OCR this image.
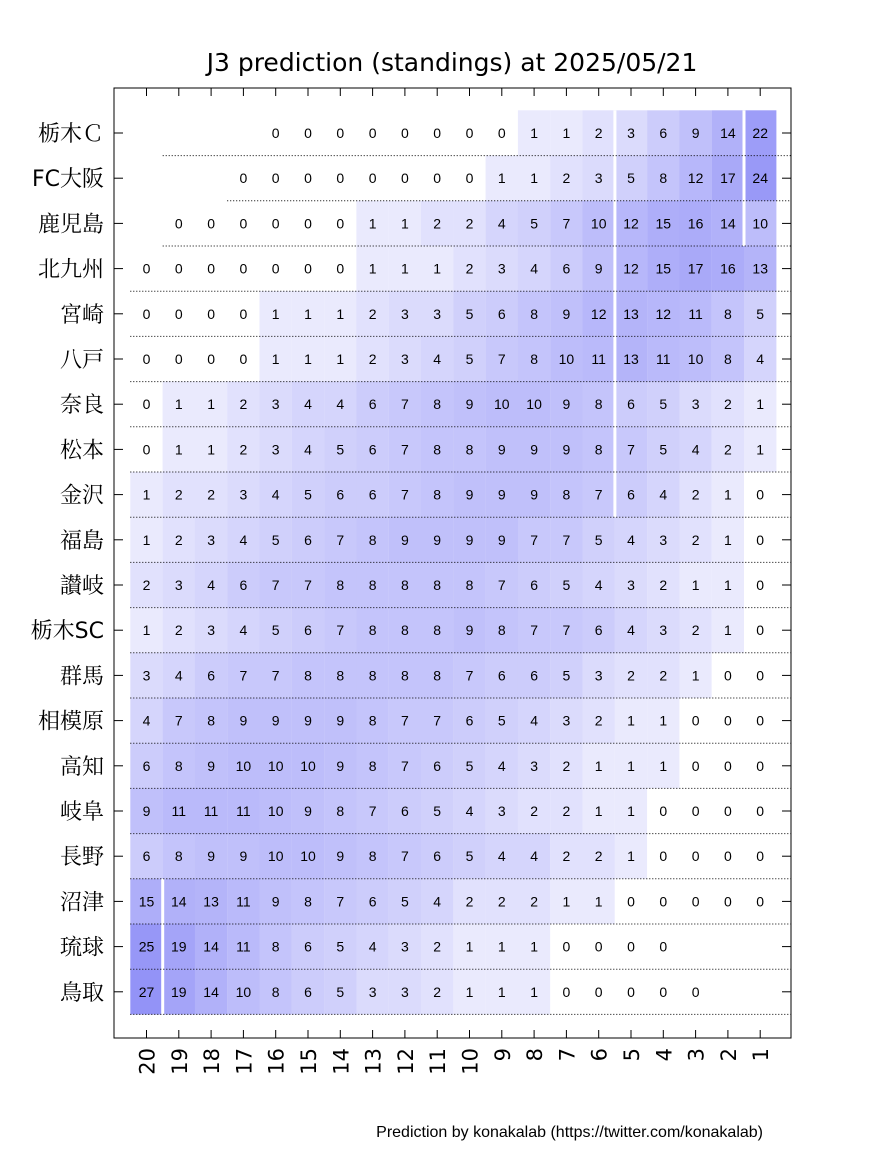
J3 prediction (standings) at 2025/05/21
栃木Ｃ
FC大阪
鹿児島
北九州
宮崎
八戸
奈良
松本
金沢
福島
讃岐
栃木SC
群馬
相模原
高知
岐阜
長野
沼津
琉球
鳥取
20 19 18 17 16 15 14 13 12 11 10 9 8 7 6 5 4 3 2 1
0 0 0 0 0 0 0 0 1 1 2 3 6 9 14 22
0 0 0 0 0 0 0 0 1 1 2 3 5 8 12 17 24
0 0 0 0 0 0 1 1 2 2 4 5 7 10 12 15 16 14 10
0 0 0 0 0 0 0 1 1 1 2 3 4 6 9 12 15 17 16 13
0 0 0 0 1 1 1 2 3 3 5 6 8 9 12 13 12 11 8 5
0 0 0 0 1 1 1 2 3 4 5 7 8 10 11 13 11 10 8 4
0 1 1 2 3 4 4 6 7 8 9 10 10 9 8 6 5 3 2 1
0 1 1 2 3 4 5 6 7 8 8 9 9 9 8 7 5 4 2 1
1 2 2 3 4 5 6 6 7 8 9 9 9 8 7 6 4 2 1 0
1 2 3 4 5 6 7 8 9 9 9 9 7 7 5 4 3 2 1 0
2 3 4 6 7 7 8 8 8 8 8 7 6 5 4 3 2 1 1 0
1 2 3 4 5 6 7 8 8 8 9 8 7 7 6 4 3 2 1 0
3 4 6 7 7 8 8 8 8 8 7 6 6 5 3 2 2 1 0 0
4 7 8 9 9 9 9 8 7 7 6 5 4 3 2 1 1 0 0 0
6 8 9 10 10 10 9 8 7 6 5 4 3 2 1 1 1 0 0 0
9 11 11 11 10 9 8 7 6 5 4 3 2 2 1 1 0 0 0 0
6 8 9 9 10 10 9 8 7 6 5 4 4 2 2 1 0 0 0 0
15 14 13 11 9 8 7 6 5 4 2 2 2 1 1 0 0 0 0 0
25 19 14 11 8 6 5 4 3 2 1 1 1 0 0 0 0
27 19 14 10 8 6 5 3 3 2 1 1 1 0 0 0 0 0
Prediction by konakalab (https://twitter.com/konakalab)
